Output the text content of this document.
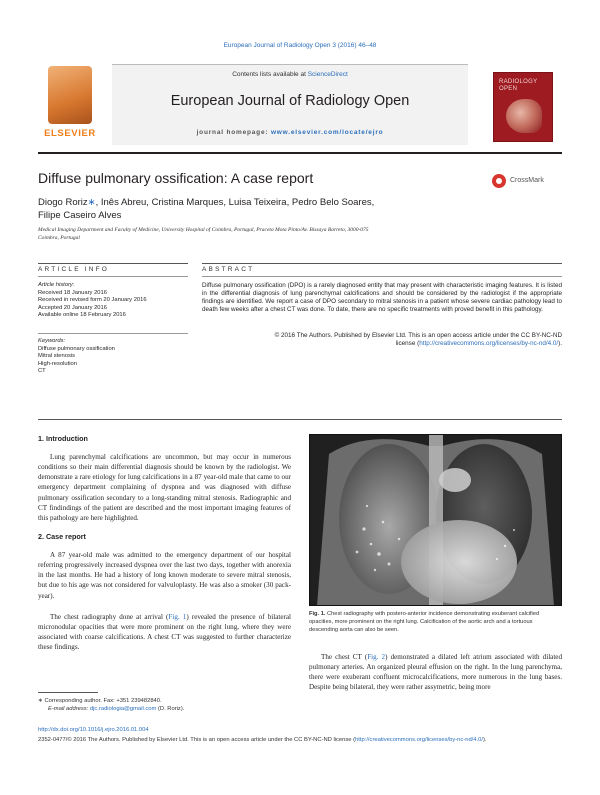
European Journal of Radiology Open 3 (2016) 46–48
ELSEVIER
Contents lists available at ScienceDirect
European Journal of Radiology Open
journal homepage: www.elsevier.com/locate/ejro
RADIOLOGY OPEN
Diffuse pulmonary ossification: A case report	CrossMark
Diogo Roriz∗, Inês Abreu, Cristina Marques, Luisa Teixeira, Pedro Belo Soares,
Filipe Caseiro Alves
Medical Imaging Department and Faculty of Medicine, University Hospital of Coimbra, Portugal, Praceta Mota Pinto/Av. Bissaya Barreto, 3000-075
Coimbra, Portugal
ARTICLE INFO	ABSTRACT
Article history:
Received 18 January 2016
Received in revised form 20 January 2016
Accepted 20 January 2016
Available online 18 February 2016
Keywords:
Diffuse pulmonary ossification
Mitral stenosis
High-resolution
CT
Diffuse pulmonary ossification (DPO) is a rarely diagnosed entity that may present with characteristic imaging features. It is listed in the differential diagnosis of lung parenchymal calcifications and should be considered by the radiologist if the appropriate findings are identified. We report a case of DPO secondary to mitral stenosis in a patient whose severe cardiac pathology lead to death few weeks after a chest CT was done. To date, there are no specific treatments with proved benefit in this pathology.
© 2016 The Authors. Published by Elsevier Ltd. This is an open access article under the CC BY-NC-ND
license (http://creativecommons.org/licenses/by-nc-nd/4.0/).
1. Introduction
Lung parenchymal calcifications are uncommon, but may occur in numerous conditions so their main differential diagnosis should be known by the radiologist. We demonstrate a rare etiology for lung calcifications in a 87 year-old male that came to our emergency department complaining of dyspnea and was diagnosed with diffuse pulmonary ossification secondary to a long-standing mitral stenosis. Radiographic and CT findindings of the patient are described and the most important imaging features of this pathology are here highlighted.
2. Case report
A 87 year-old male was admitted to the emergency department of our hospital referring progressively increased dyspnea over the last two days, together with anorexia in the last months. He had a history of long known moderate to severe mitral stenosis, but due to his age was not considered for valvuloplasty. He was also a smoker (30 pack-year).
The chest radiography done at arrival (Fig. 1) revealed the presence of bilateral micronodular opacities that were more prominent on the right lung, where they were associated with coarse calcifications. A chest CT was suggested to further characterize these findings.
∗ Corresponding author. Fax: +351 239482840.
E-mail address: djc.radiologia@gmail.com (D. Roriz).
http://dx.doi.org/10.1016/j.ejro.2016.01.004
2352-0477/© 2016 The Authors. Published by Elsevier Ltd. This is an open access article under the CC BY-NC-ND license (http://creativecommons.org/licenses/by-nc-nd/4.0/).
Fig. 1. Chest radiography with postero-anterior incidence demonstrating exuberant calcified opacities, more prominent on the right lung. Calcification of the aortic arch and a tortuous descending aorta can also be seen.
The chest CT (Fig. 2) demonstrated a dilated left atrium associated with dilated pulmonary arteries. An organized pleural effusion on the right. In the lung parenchyma, there were exuberant confluent microcalcifications, more numerous in the lung bases. Despite being bilateral, they were rather assymetric, being more
